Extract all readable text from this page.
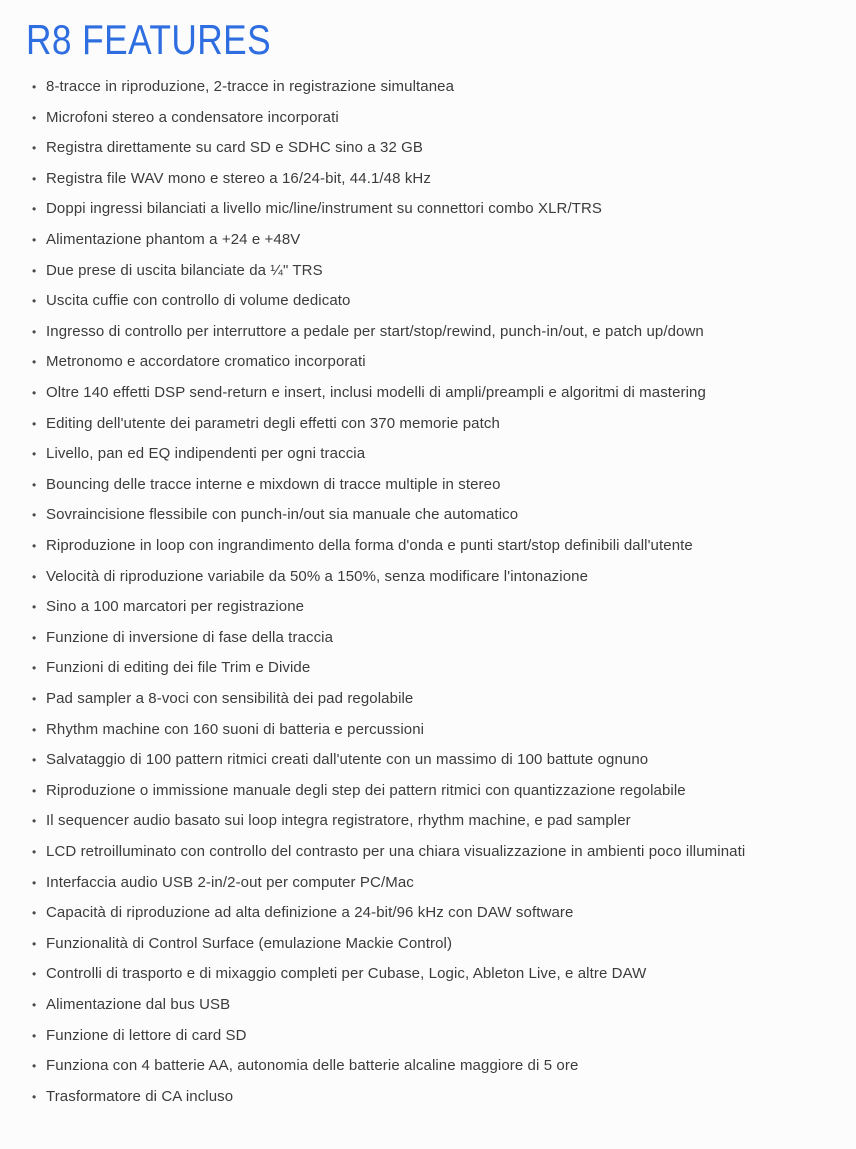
R8 FEATURES
• 8-tracce in riproduzione, 2-tracce in registrazione simultanea
• Microfoni stereo a condensatore incorporati
• Registra direttamente su card SD e SDHC sino a 32 GB
• Registra file WAV mono e stereo a 16/24-bit, 44.1/48 kHz
• Doppi ingressi bilanciati a livello mic/line/instrument su connettori combo XLR/TRS
• Alimentazione phantom a +24 e +48V
• Due prese di uscita bilanciate da ¼" TRS
• Uscita cuffie con controllo di volume dedicato
• Ingresso di controllo per interruttore a pedale per start/stop/rewind, punch-in/out, e patch up/down
• Metronomo e accordatore cromatico incorporati
• Oltre 140 effetti DSP send-return e insert, inclusi modelli di ampli/preampli e algoritmi di mastering
• Editing dell'utente dei parametri degli effetti con 370 memorie patch
• Livello, pan ed EQ indipendenti per ogni traccia
• Bouncing delle tracce interne e mixdown di tracce multiple in stereo
• Sovraincisione flessibile con punch-in/out sia manuale che automatico
• Riproduzione in loop con ingrandimento della forma d'onda e punti start/stop definibili dall'utente
• Velocità di riproduzione variabile da 50% a 150%, senza modificare l'intonazione
• Sino a 100 marcatori per registrazione
• Funzione di inversione di fase della traccia
• Funzioni di editing dei file Trim e Divide
• Pad sampler a 8-voci con sensibilità dei pad regolabile
• Rhythm machine con 160 suoni di batteria e percussioni
• Salvataggio di 100 pattern ritmici creati dall'utente con un massimo di 100 battute ognuno
• Riproduzione o immissione manuale degli step dei pattern ritmici con quantizzazione regolabile
• Il sequencer audio basato sui loop integra registratore, rhythm machine, e pad sampler
• LCD retroilluminato con controllo del contrasto per una chiara visualizzazione in ambienti poco illuminati
• Interfaccia audio USB 2-in/2-out per computer PC/Mac
• Capacità di riproduzione ad alta definizione a 24-bit/96 kHz con DAW software
• Funzionalità di Control Surface (emulazione Mackie Control)
• Controlli di trasporto e di mixaggio completi per Cubase, Logic, Ableton Live, e altre DAW
• Alimentazione dal bus USB
• Funzione di lettore di card SD
• Funziona con 4 batterie AA, autonomia delle batterie alcaline maggiore di 5 ore
• Trasformatore di CA incluso
